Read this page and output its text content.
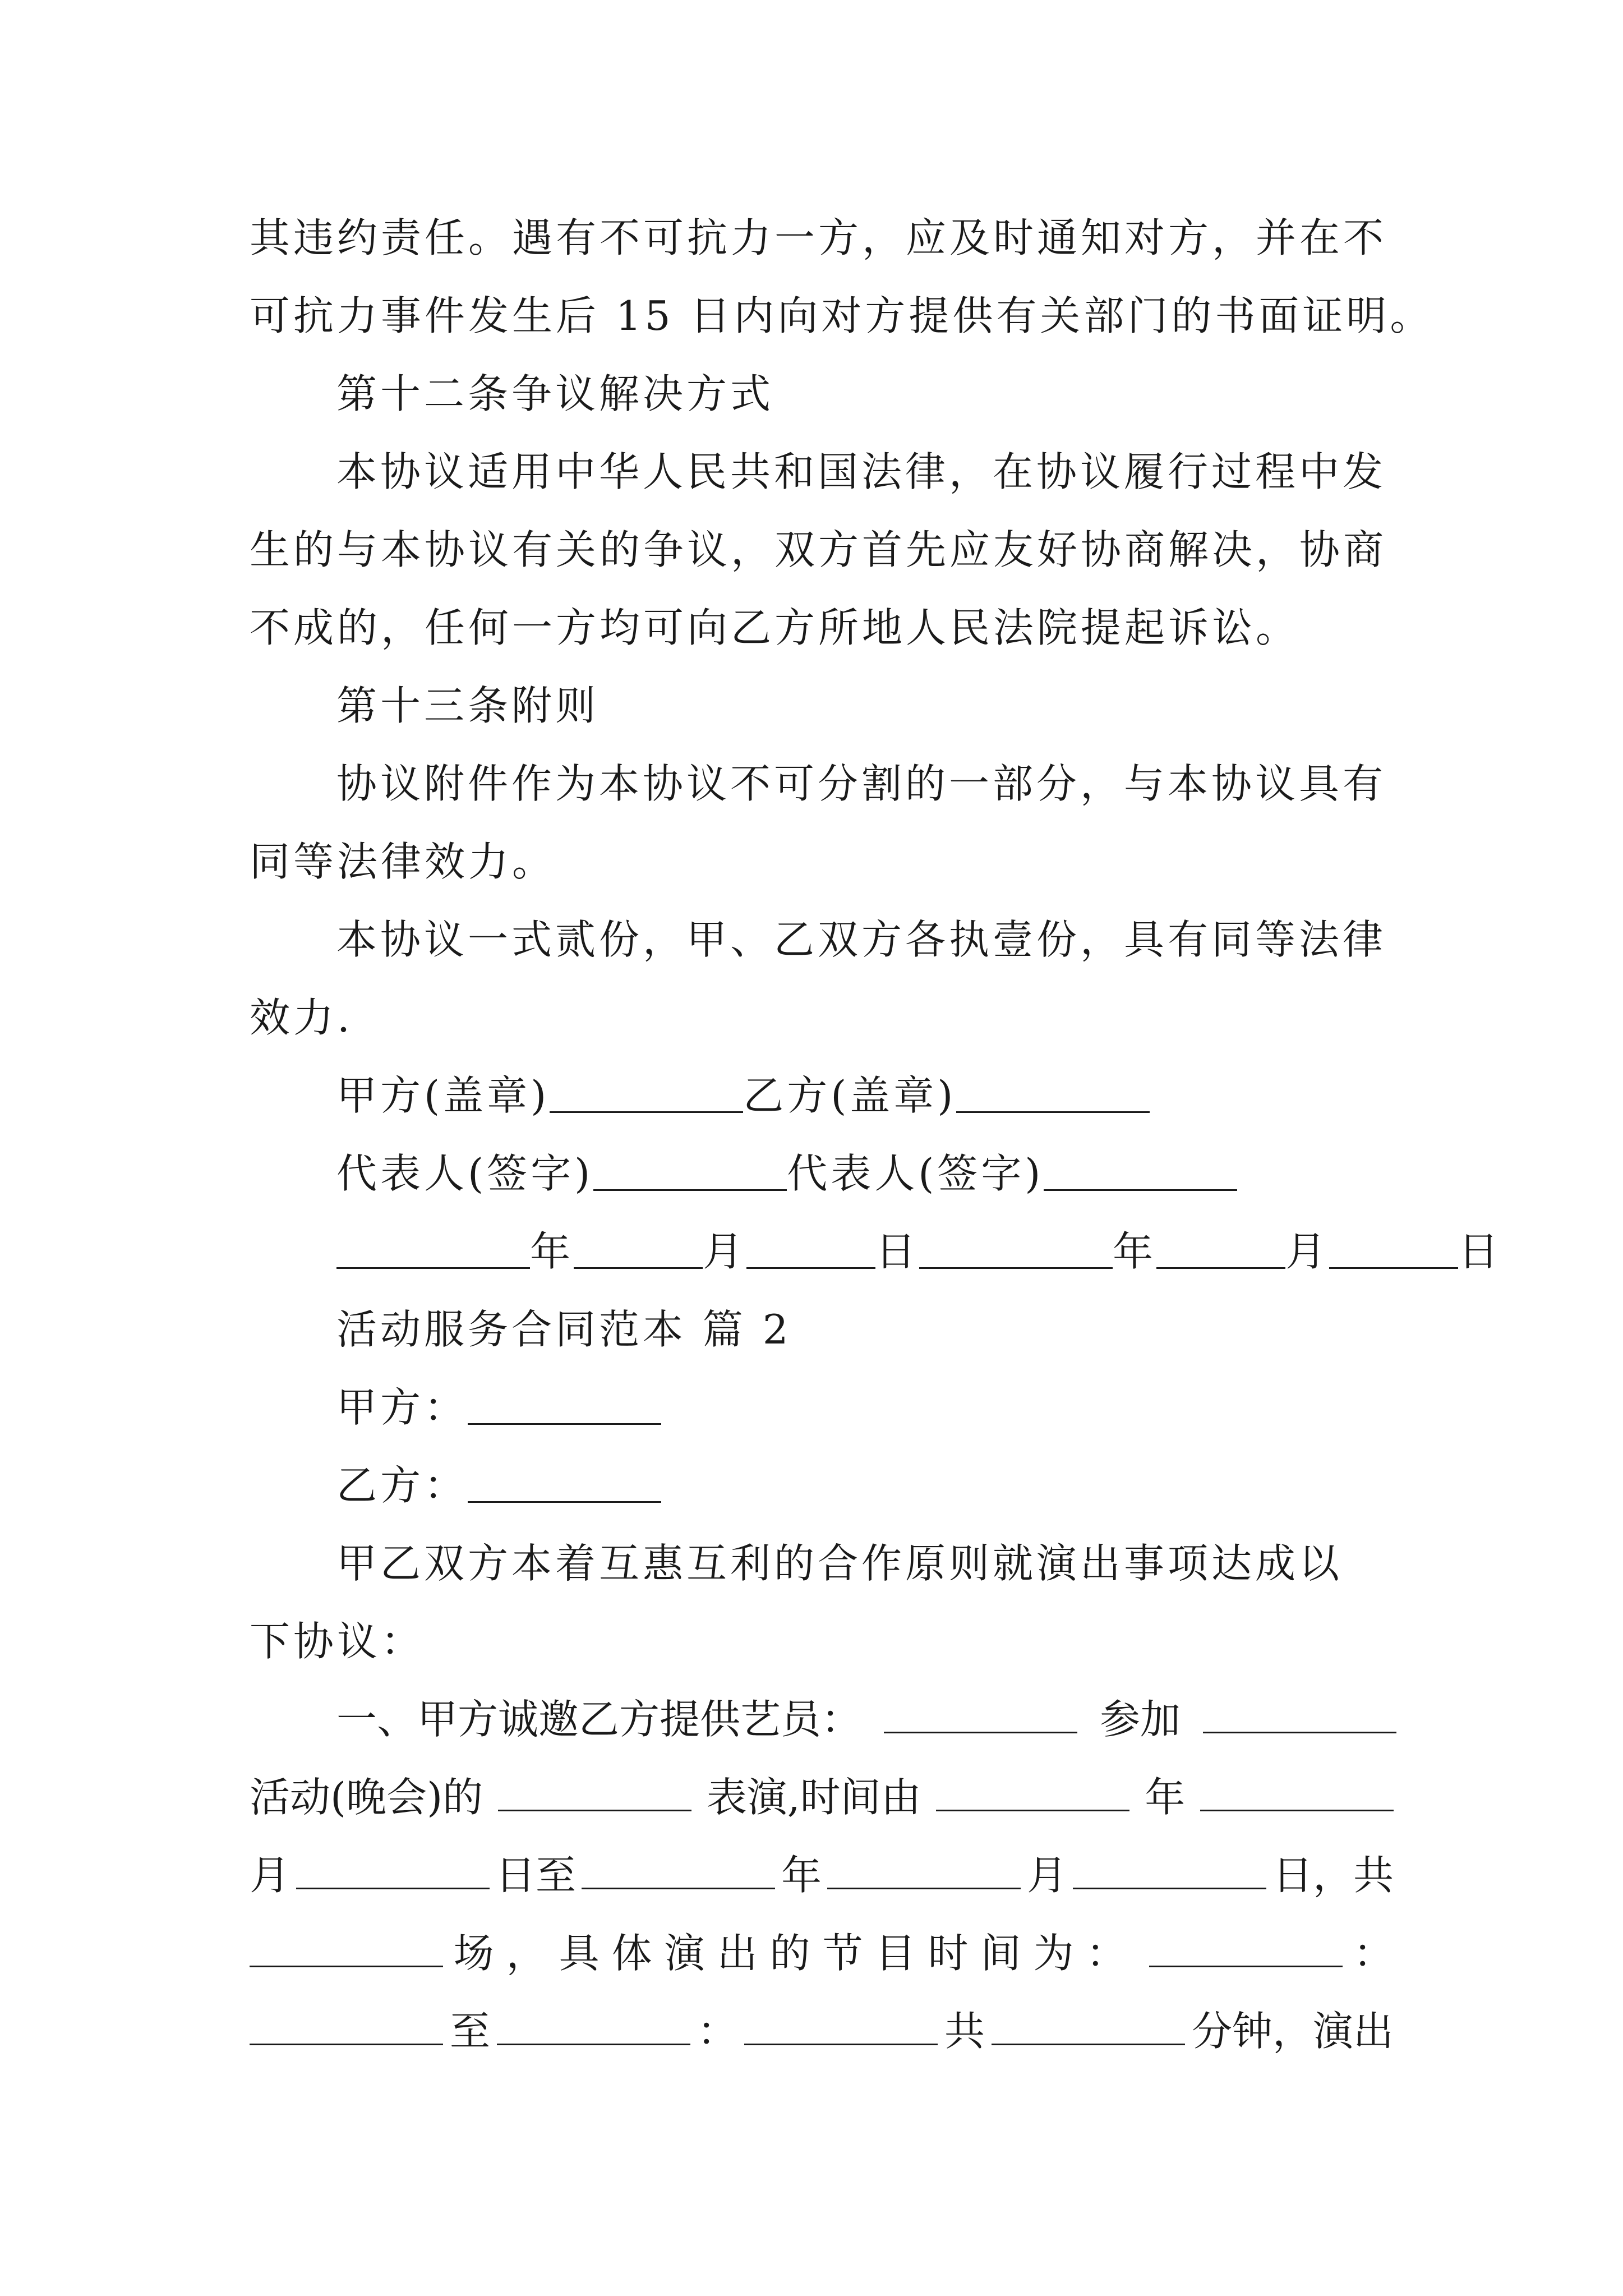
其违约责任。遇有不可抗力一方，应及时通知对方，并在不
可抗力事件发生后 15 日内向对方提供有关部门的书面证明。
第十二条争议解决方式
本协议适用中华人民共和国法律，在协议履行过程中发
生的与本协议有关的争议，双方首先应友好协商解决，协商
不成的，任何一方均可向乙方所地人民法院提起诉讼。
第十三条附则
协议附件作为本协议不可分割的一部分，与本协议具有
同等法律效力。
本协议一式贰份，甲、乙双方各执壹份，具有同等法律
效力.
甲方(盖章)	乙方(盖章)
代表人(签字)	代表人(签字)
年	月	日	年	月	日
活动服务合同范本 篇 2
甲方：
乙方：
甲乙双方本着互惠互利的合作原则就演出事项达成以
下协议：
一、甲方诚邀乙方提供艺员：	参加
活动(晚会)的	表演,时间由	年
月	日至	年	月	日，共
场，具体演出的节目时间为：	：
至	：	共	分钟，演出
